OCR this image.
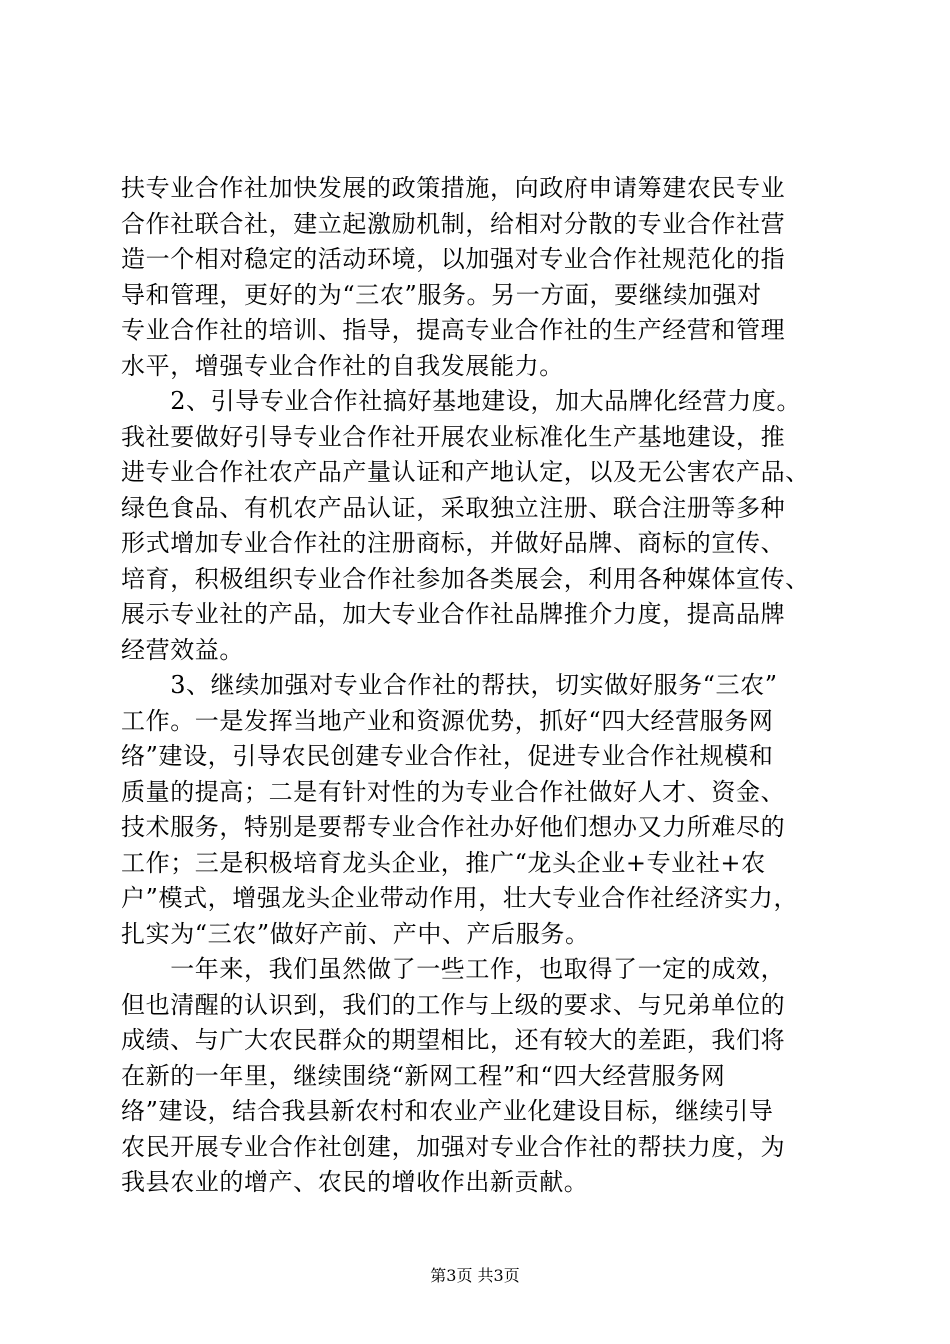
扶专业合作社加快发展的政策措施，向政府申请筹建农民专业
合作社联合社，建立起激励机制，给相对分散的专业合作社营
造一个相对稳定的活动环境，以加强对专业合作社规范化的指
导和管理，更好的为“三农”服务。另一方面，要继续加强对
专业合作社的培训、指导，提高专业合作社的生产经营和管理
水平，增强专业合作社的自我发展能力。
　　2、引导专业合作社搞好基地建设，加大品牌化经营力度。
我社要做好引导专业合作社开展农业标准化生产基地建设，推
进专业合作社农产品产量认证和产地认定，以及无公害农产品、
绿色食品、有机农产品认证，采取独立注册、联合注册等多种
形式增加专业合作社的注册商标，并做好品牌、商标的宣传、
培育，积极组织专业合作社参加各类展会，利用各种媒体宣传、
展示专业社的产品，加大专业合作社品牌推介力度，提高品牌
经营效益。
　　3、继续加强对专业合作社的帮扶，切实做好服务“三农”
工作。一是发挥当地产业和资源优势，抓好“四大经营服务网
络”建设，引导农民创建专业合作社，促进专业合作社规模和
质量的提高；二是有针对性的为专业合作社做好人才、资金、
技术服务，特别是要帮专业合作社办好他们想办又力所难尽的
工作；三是积极培育龙头企业，推广“龙头企业+专业社+农
户”模式，增强龙头企业带动作用，壮大专业合作社经济实力，
扎实为“三农”做好产前、产中、产后服务。
　　一年来，我们虽然做了一些工作，也取得了一定的成效，
但也清醒的认识到，我们的工作与上级的要求、与兄弟单位的
成绩、与广大农民群众的期望相比，还有较大的差距，我们将
在新的一年里，继续围绕“新网工程”和“四大经营服务网
络”建设，结合我县新农村和农业产业化建设目标，继续引导
农民开展专业合作社创建，加强对专业合作社的帮扶力度，为
我县农业的增产、农民的增收作出新贡献。
第3页 共3页
